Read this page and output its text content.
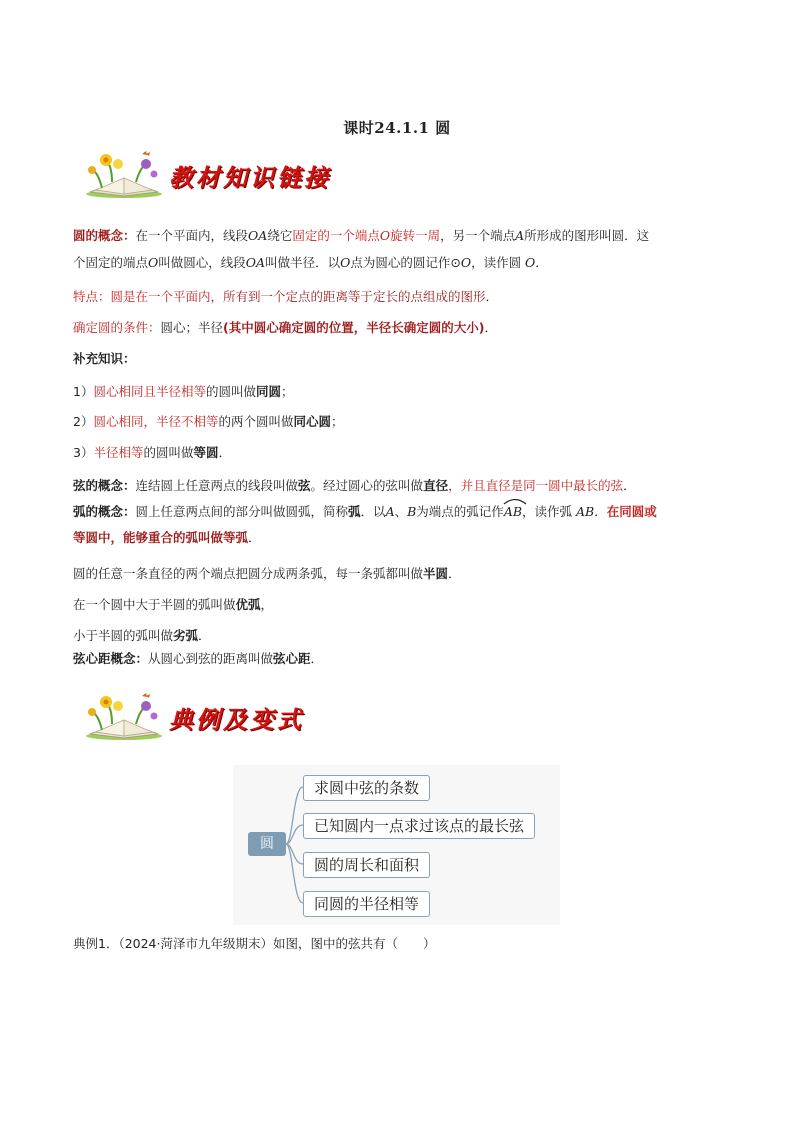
课时24.1.1 圆
教材知识链接
圆的概念：在一个平面内，线段OA绕它固定的一个端点O旋转一周，另一个端点A所形成的图形叫圆．这
个固定的端点O叫做圆心，线段OA叫做半径．以O点为圆心的圆记作⊙O，读作圆 O．
特点：圆是在一个平面内，所有到一个定点的距离等于定长的点组成的图形．
确定圆的条件：圆心；半径(其中圆心确定圆的位置，半径长确定圆的大小)．
补充知识：
1）圆心相同且半径相等的圆叫做同圆；
2）圆心相同，半径不相等的两个圆叫做同心圆；
3）半径相等的圆叫做等圆．
弦的概念：连结圆上任意两点的线段叫做弦。经过圆心的弦叫做直径，并且直径是同一圆中最长的弦．
弧的概念：圆上任意两点间的部分叫做圆弧，简称弧．以A、B为端点的弧记作
AB，读作弧 AB．在同圆或
等圆中，能够重合的弧叫做等弧．
圆的任意一条直径的两个端点把圆分成两条弧，每一条弧都叫做半圆．
在一个圆中大于半圆的弧叫做优弧，
小于半圆的弧叫做劣弧．
弦心距概念：从圆心到弦的距离叫做弦心距．
典例及变式
圆
求圆中弦的条数
已知圆内一点求过该点的最长弦
圆的周长和面积
同圆的半径相等
典例1．（2024·菏泽市九年级期末）如图，图中的弦共有（　　）
